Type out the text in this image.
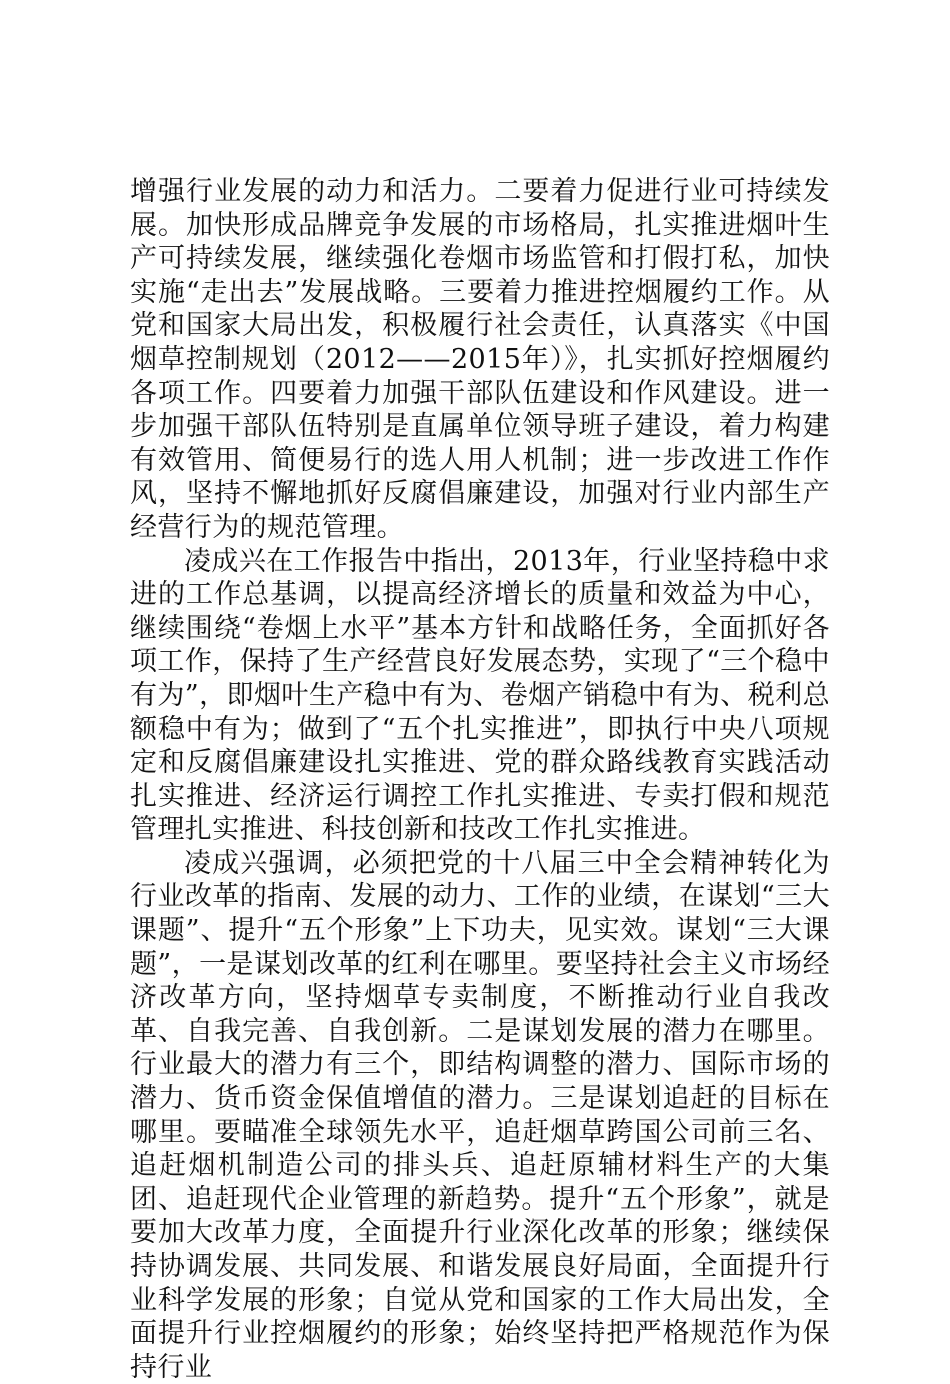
增强行业发展的动力和活力。二要着力促进行业可持续发展。加快形成品牌竞争发展的市场格局，扎实推进烟叶生产可持续发展，继续强化卷烟市场监管和打假打私，加快实施“走出去”发展战略。三要着力推进控烟履约工作。从党和国家大局出发，积极履行社会责任，认真落实《中国烟草控制规划（2012——2015年）》，扎实抓好控烟履约各项工作。四要着力加强干部队伍建设和作风建设。进一步加强干部队伍特别是直属单位领导班子建设，着力构建有效管用、简便易行的选人用人机制；进一步改进工作作风，坚持不懈地抓好反腐倡廉建设，加强对行业内部生产经营行为的规范管理。

凌成兴在工作报告中指出，2013年，行业坚持稳中求进的工作总基调，以提高经济增长的质量和效益为中心，继续围绕“卷烟上水平”基本方针和战略任务，全面抓好各项工作，保持了生产经营良好发展态势，实现了“三个稳中有为”，即烟叶生产稳中有为、卷烟产销稳中有为、税利总额稳中有为；做到了“五个扎实推进”，即执行中央八项规定和反腐倡廉建设扎实推进、党的群众路线教育实践活动扎实推进、经济运行调控工作扎实推进、专卖打假和规范管理扎实推进、科技创新和技改工作扎实推进。

凌成兴强调，必须把党的十八届三中全会精神转化为行业改革的指南、发展的动力、工作的业绩，在谋划“三大课题”、提升“五个形象”上下功夫，见实效。谋划“三大课题”，一是谋划改革的红利在哪里。要坚持社会主义市场经济改革方向，坚持烟草专卖制度，不断推动行业自我改革、自我完善、自我创新。二是谋划发展的潜力在哪里。行业最大的潜力有三个，即结构调整的潜力、国际市场的潜力、货币资金保值增值的潜力。三是谋划追赶的目标在哪里。要瞄准全球领先水平，追赶烟草跨国公司前三名、追赶烟机制造公司的排头兵、追赶原辅材料生产的大集团、追赶现代企业管理的新趋势。提升“五个形象”，就是要加大改革力度，全面提升行业深化改革的形象；继续保持协调发展、共同发展、和谐发展良好局面，全面提升行业科学发展的形象；自觉从党和国家的工作大局出发，全面提升行业控烟履约的形象；始终坚持把严格规范作为保持行业
